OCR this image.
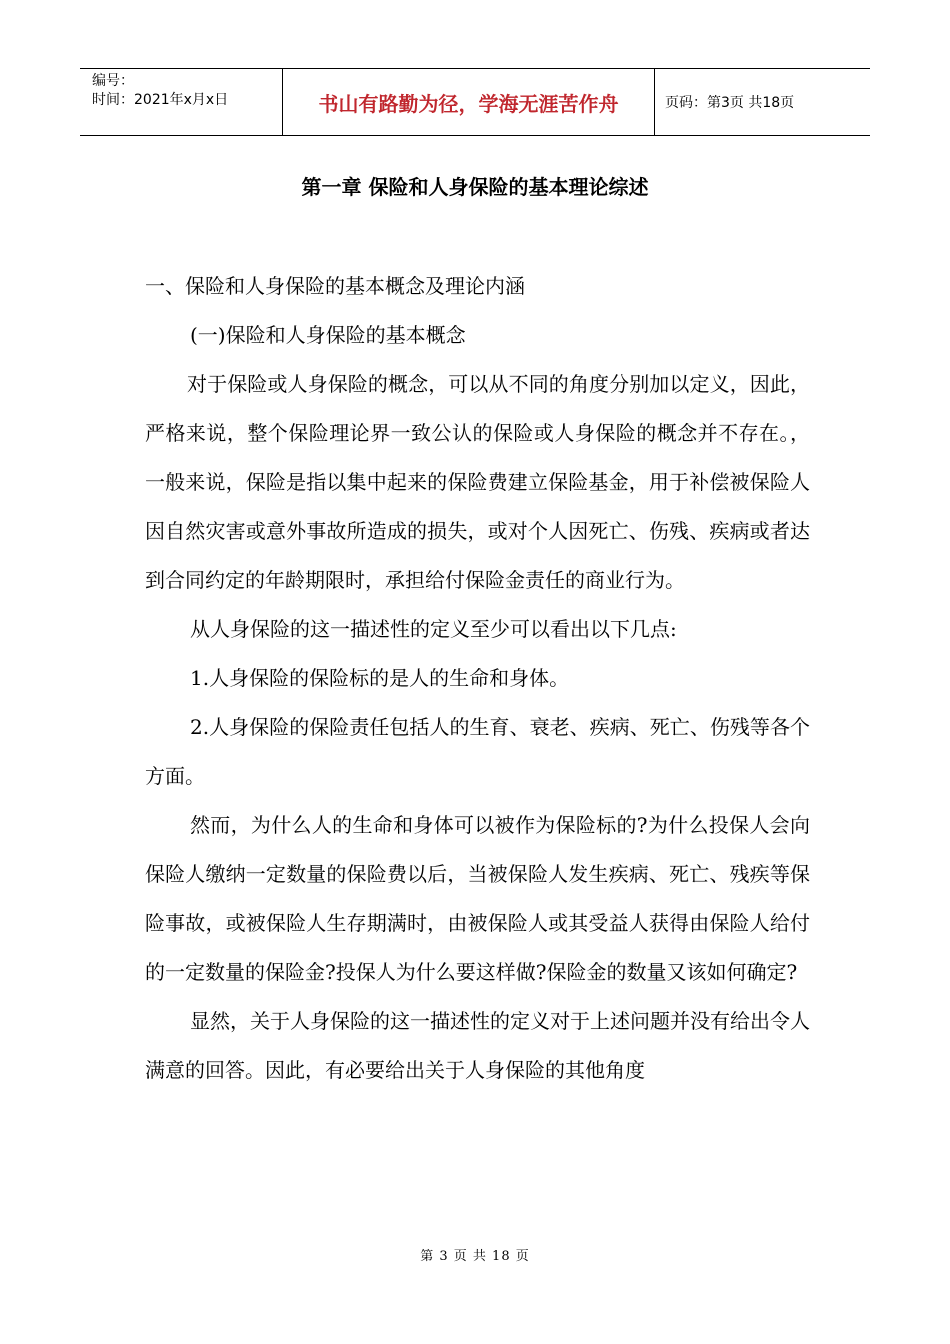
编号：
时间：2021年x月x日	书山有路勤为径，学海无涯苦作舟	页码：第3页 共18页
第一章 保险和人身保险的基本理论综述

一、保险和人身保险的基本概念及理论内涵

(一)保险和人身保险的基本概念

对于保险或人身保险的概念，可以从不同的角度分别加以定义，因此，严格来说，整个保险理论界一致公认的保险或人身保险的概念并不存在。，一般来说，保险是指以集中起来的保险费建立保险基金，用于补偿被保险人因自然灾害或意外事故所造成的损失，或对个人因死亡、伤残、疾病或者达到合同约定的年龄期限时，承担给付保险金责任的商业行为。

从人身保险的这一描述性的定义至少可以看出以下几点:

1.人身保险的保险标的是人的生命和身体。

2.人身保险的保险责任包括人的生育、衰老、疾病、死亡、伤残等各个方面。

然而，为什么人的生命和身体可以被作为保险标的?为什么投保人会向保险人缴纳一定数量的保险费以后，当被保险人发生疾病、死亡、残疾等保险事故，或被保险人生存期满时，由被保险人或其受益人获得由保险人给付的一定数量的保险金?投保人为什么要这样做?保险金的数量又该如何确定?

显然，关于人身保险的这一描述性的定义对于上述问题并没有给出令人满意的回答。因此，有必要给出关于人身保险的其他角度

第 3 页 共 18 页
